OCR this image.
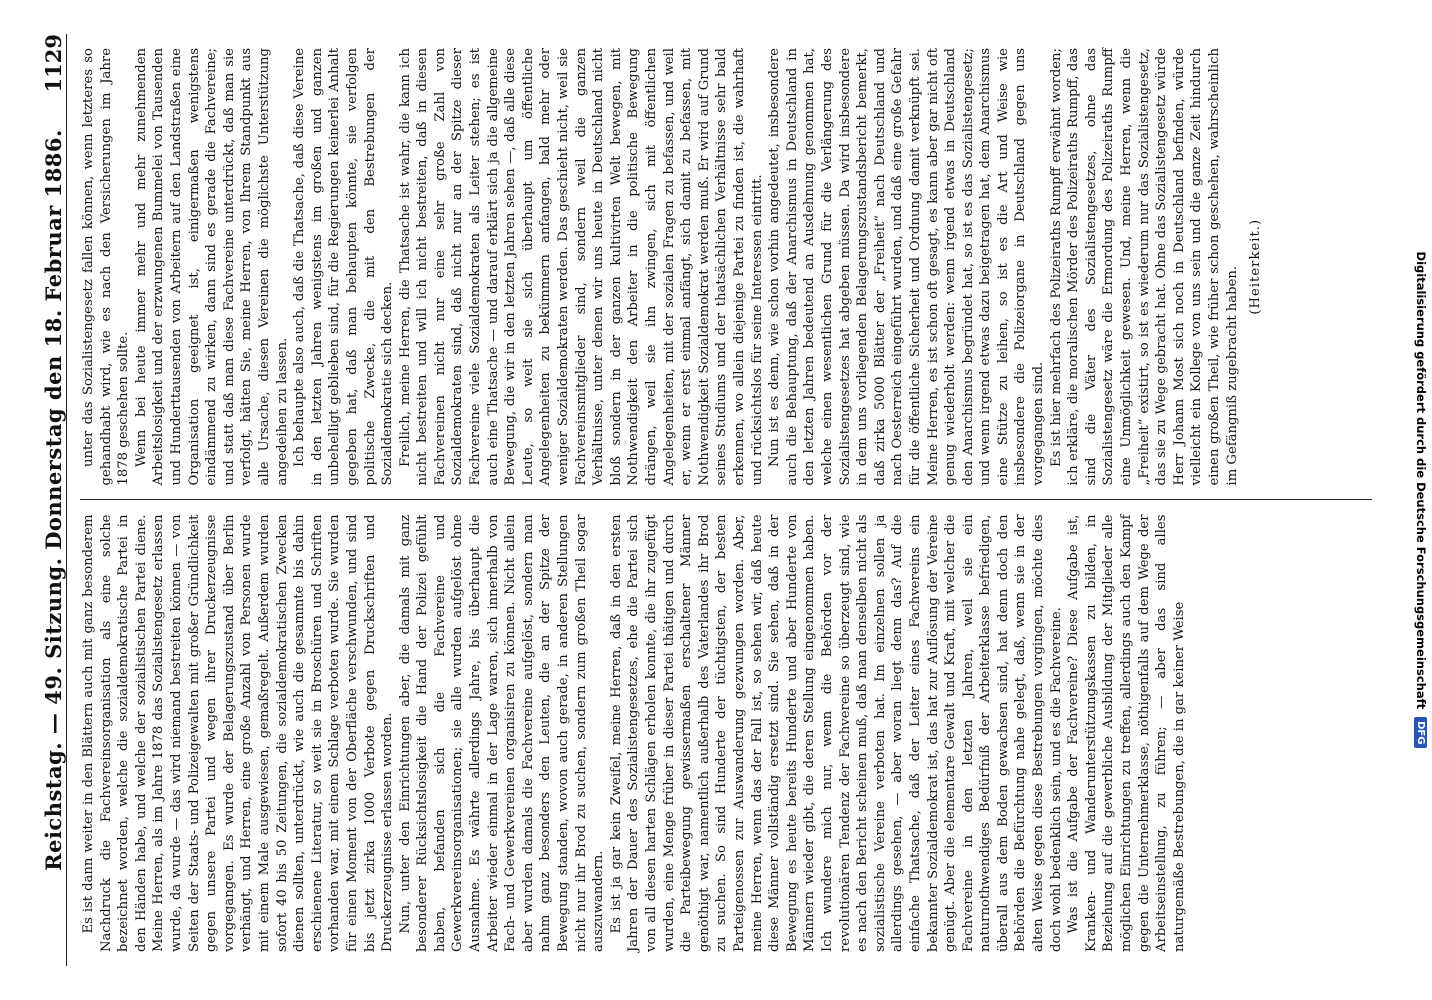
Reichstag. — 49. Sitzung. Donnerstag den 18. Februar 1886.
1129

Es ist dann weiter in den Blättern auch mit ganz besonderem Nachdruck die Fachvereinsorganisation als eine solche bezeichnet worden, welche die sozialdemokratische Partei in den Händen habe, und welche der sozialistischen Partei diene. Meine Herren, als im Jahre 1878 das Sozialistengesetz erlassen wurde, da wurde — das wird niemand bestreiten können — von Seiten der Staats- und Polizeigewalten mit großer Gründlichkeit gegen unsere Partei und wegen ihrer Druckerzeugnisse vorgegangen. Es wurde der Belagerungszustand über Berlin verhängt, und Herren, eine große Anzahl von Personen wurde mit einem Male ausgewiesen, gemaßregelt. Außerdem wurden sofort 40 bis 50 Zeitungen, die sozialdemokratischen Zwecken dienen sollten, unterdrückt, wie auch die gesammte bis dahin erschienene Literatur, so weit sie in Broschüren und Schriften vorhanden war, mit einem Schlage verboten wurde. Sie wurden für einen Moment von der Oberfläche verschwunden, und sind bis jetzt zirka 1000 Verbote gegen Druckschriften und Druckerzeugnisse erlassen worden. Nun, unter den Einrichtungen aber, die damals mit ganz besonderer Rücksichtslosigkeit die Hand der Polizei gefühlt haben, befanden sich die Fachvereine und Gewerkvereinsorganisationen; sie alle wurden aufgelöst ohne Ausnahme. Es währte allerdings Jahre, bis überhaupt die Arbeiter wieder einmal in der Lage waren, sich innerhalb von Fach- und Gewerkvereinen organisiren zu können. Nicht allein aber wurden damals die Fachvereine aufgelöst, sondern man nahm ganz besonders den Leuten, die an der Spitze der Bewegung standen, wovon auch gerade, in anderen Stellungen nicht nur ihr Brod zu suchen, sondern zum großen Theil sogar auszuwandern. Es ist ja gar kein Zweifel, meine Herren, daß in den ersten Jahren der Dauer des Sozialistengesetzes, ehe die Partei sich von all diesen harten Schlägen erholen konnte, die ihr zugefügt wurden, eine Menge früher in dieser Partei thätigen und durch die Parteibewegung gewissermaßen erschaltener Männer genöthigt war, namentlich außerhalb des Vaterlandes ihr Brod zu suchen. So sind Hunderte der tüchtigsten, der besten Parteigenossen zur Auswanderung gezwungen worden. Aber, meine Herren, wenn das der Fall ist, so sehen wir, daß heute diese Männer vollständig ersetzt sind. Sie sehen, daß in der Bewegung es heute bereits Hunderte und aber Hunderte von Männern wieder gibt, die deren Stellung eingenommen haben. Ich wundere mich nur, wenn die Behörden vor der revolutionären Tendenz der Fachvereine so überzeugt sind, wie es nach den Bericht scheinen muß, daß man denselben nicht als sozialistische Vereine verboten hat. Im einzelnen sollen ja allerdings gesehen, — aber woran liegt denn das? Auf die einfache Thatsache, daß der Leiter eines Fachvereins ein bekannter Sozialdemokrat ist, das hat zur Auflösung der Vereine genügt. Aber die elementare Gewalt und Kraft, mit welcher die Fachvereine in den letzten Jahren, weil sie ein naturnothwendiges Bedürfniß der Arbeiterklasse befriedigen, überall aus dem Boden gewachsen sind, hat denn doch den Behörden die Befürchtung nahe gelegt, daß, wenn sie in der alten Weise gegen diese Bestrebungen vorgingen, möchte dies doch wohl bedenklich sein, und es die Fachvereine. Was ist die Aufgabe der Fachvereine? Diese Aufgabe ist, Kranken- und Wanderunterstützungskassen zu bilden, in Beziehung auf die gewerbliche Ausbildung der Mitglieder alle möglichen Einrichtungen zu treffen, allerdings auch den Kampf gegen die Unternehmerklasse, nöthigenfalls auf dem Wege der Arbeitseinstellung, zu führen; — aber das sind alles naturgemäße Bestrebungen, die in gar keiner Weise

unter das Sozialistengesetz fallen können, wenn letzteres so gehandhabt wird, wie es nach den Versicherungen im Jahre 1878 geschehen sollte. Wenn bei heute immer mehr und mehr zunehmenden Arbeitslosigkeit und der erzwungenen Bummelei von Tausenden und Hunderttausenden von Arbeitern auf den Landstraßen eine Organisation geeignet ist, einigermaßen wenigstens eindämmend zu wirken, dann sind es gerade die Fachvereine; und statt daß man diese Fachvereine unterdrückt, daß man sie verfolgt, hätten Sie, meine Herren, von Ihrem Standpunkt aus alle Ursache, diesen Vereinen die möglichste Unterstützung angedeihen zu lassen. Ich behaupte also auch, daß die Thatsache, daß diese Vereine in den letzten Jahren wenigstens im großen und ganzen unbehelligt geblieben sind, für die Regierungen keinerlei Anhalt gegeben hat, daß man behaupten könnte, sie verfolgen politische Zwecke, die mit den Bestrebungen der Sozialdemokratie sich decken. Freilich, meine Herren, die Thatsache ist wahr, die kann ich nicht bestreiten und will ich nicht bestreiten, daß in diesen Fachvereinen nicht nur eine sehr große Zahl von Sozialdemokraten sind, daß nicht nur an der Spitze dieser Fachvereine viele Sozialdemokraten als Leiter stehen; es ist auch eine Thatsache — und darauf erklärt sich ja die allgemeine Bewegung, die wir in den letzten Jahren sehen —, daß alle diese Leute, so weit sie sich überhaupt um öffentliche Angelegenheiten zu bekümmern anfangen, bald mehr oder weniger Sozialdemokraten werden. Das geschieht nicht, weil sie Fachvereinsmitglieder sind, sondern weil die ganzen Verhältnisse, unter denen wir uns heute in Deutschland nicht bloß sondern in der ganzen kultivirten Welt bewegen, mit Nothwendigkeit den Arbeiter in die politische Bewegung drängen, weil sie ihn zwingen, sich mit öffentlichen Angelegenheiten, mit der sozialen Fragen zu befassen, und weil er, wenn er erst einmal anfängt, sich damit zu befassen, mit Nothwendigkeit Sozialdemokrat werden muß. Er wird auf Grund seines Studiums und der thatsächlichen Verhältnisse sehr bald erkennen, wo allein diejenige Partei zu finden ist, die wahrhaft und rücksichtslos für seine Interessen eintritt. Nun ist es denn, wie schon vorhin angedeutet, insbesondere auch die Behauptung, daß der Anarchismus in Deutschland in den letzten Jahren bedeutend an Ausdehnung genommen hat, welche einen wesentlichen Grund für die Verlängerung des Sozialistengesetzes hat abgeben müssen. Da wird insbesondere in dem uns vorliegenden Belagerungszustandsbericht bemerkt, daß zirka 5000 Blätter der „Freiheit“ nach Deutschland und nach Oesterreich eingeführt wurden, und daß eine große Gefahr für die öffentliche Sicherheit und Ordnung damit verknüpft sei. Meine Herren, es ist schon oft gesagt, es kann aber gar nicht oft genug wiederholt werden: wenn irgend etwas in Deutschland den Anarchismus begründet hat, so ist es das Sozialistengesetz; und wenn irgend etwas dazu beigetragen hat, dem Anarchismus eine Stütze zu leihen, so ist es die Art und Weise wie insbesondere die Polizeiorgane in Deutschland gegen uns vorgegangen sind. Es ist hier mehrfach des Polizeiraths Rumpff erwähnt worden; ich erkläre, die moralischen Mörder des Polizeiraths Rumpff, das sind die Väter des Sozialistengesetzes, ohne das Sozialistengesetz wäre die Ermordung des Polizeiraths Rumpff eine Unmöglichkeit gewesen. Und, meine Herren, wenn die „Freiheit“ existirt, so ist es wiederum nur das Sozialistengesetz, das sie zu Wege gebracht hat. Ohne das Sozialistengesetz würde Herr Johann Most sich noch in Deutschland befinden, würde vielleicht ein Kollege von uns sein und die ganze Zeit hindurch einen großen Theil, wie früher schon geschehen, wahrscheinlich im Gefängniß zugebracht haben. (Heiterkeit.)	Digitalisierung gefördert durch die Deutsche Forschungsgemeinschaft DFG
